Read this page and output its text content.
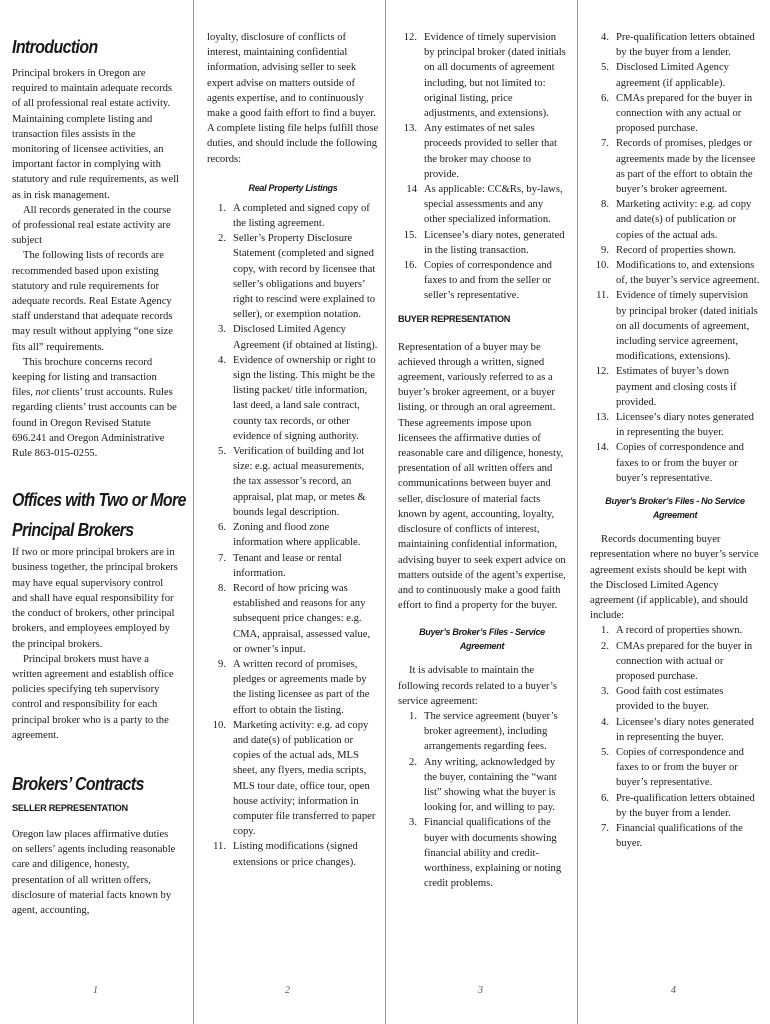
Introduction

Principal brokers in Oregon are required to maintain adequate records of all professional real estate activity. Maintaining complete listing and transaction files assists in the monitoring of licensee activities, an important factor in complying with statutory and rule requirements, as well as in risk management.

All records generated in the course of professional real estate activity are subject

The following lists of records are recommended based upon existing statutory and rule requirements for adequate records. Real Estate Agency staff understand that adequate records may result without applying “one size fits all” requirements.

This brochure concerns record keeping for listing and transaction files, not clients’ trust accounts. Rules regarding clients’ trust accounts can be found in Oregon Revised Statute 696.241 and Oregon Administrative Rule 863-015-0255.

Offices with Two or More
Principal Brokers

If two or more principal brokers are in business together, the principal brokers may have equal supervisory control and shall have equal responsibility for the conduct of brokers, other principal brokers, and employees employed by the principal brokers.

Principal brokers must have a written agreement and establish office policies specifying teh supervisory control and responsibility for each principal broker who is a party to the agreement.

Brokers’ Contracts
SELLER REPRESENTATION

Oregon law places affirmative duties on sellers’ agents including reasonable care and diligence, honesty, presentation of all written offers, disclosure of material facts known by agent, accounting,

loyalty, disclosure of conflicts of interest, maintaining confidential information, advising seller to seek expert advise on matters outside of agents expertise, and to continuously make a good faith effort to find a buyer. A complete listing file helps fulfill those duties, and should include the following records:

Real Property Listings
1. A completed and signed copy of the listing agreement.
2. Seller’s Property Disclosure Statement (completed and signed copy, with record by licensee that seller’s obligations and buyers’ right to rescind were explained to seller), or exemption notation.
3. Disclosed Limited Agency Agreement (if obtained at listing).
4. Evidence of ownership or right to sign the listing. This might be the listing packet/ title information, last deed, a land sale contract, county tax records, or other evidence of signing authority.
5. Verification of building and lot size: e.g. actual measurements, the tax assessor’s record, an appraisal, plat map, or metes & bounds legal description.
6. Zoning and flood zone information where applicable.
7. Tenant and lease or rental information.
8. Record of how pricing was established and reasons for any subsequent price changes: e.g. CMA, appraisal, assessed value, or owner’s input.
9. A written record of promises, pledges or agreements made by the listing licensee as part of the effort to obtain the listing.
10. Marketing activity: e.g. ad copy and date(s) of publication or copies of the actual ads, MLS sheet, any flyers, media scripts, MLS tour date, office tour, open house activity; information in computer file transferred to paper copy.
11. Listing modifications (signed extensions or price changes).
12. Evidence of timely supervision by principal broker (dated initials on all documents of agreement including, but not limited to: original listing, price adjustments, and extensions).
13. Any estimates of net sales proceeds provided to seller that the broker may choose to provide.
14 As applicable: CC&Rs, by-laws, special assessments and any other specialized information.
15. Licensee’s diary notes, generated in the listing transaction.
16. Copies of correspondence and faxes to and from the seller or seller’s representative.
BUYER REPRESENTATION

Representation of a buyer may be achieved through a written, signed agreement, variously referred to as a buyer’s broker agreement, or a buyer listing, or through an oral agreement. These agreements impose upon licensees the affirmative duties of reasonable care and diligence, honesty, presentation of all written offers and communications between buyer and seller, disclosure of material facts known by agent, accounting, loyalty, disclosure of conflicts of interest, maintaining confidential information, advising buyer to seek expert advice on matters outside of the agent’s expertise, and to continuously make a good faith effort to find a property for the buyer.

Buyer’s Broker’s Files - Service Agreement

It is advisable to maintain the following records related to a buyer’s service agreement:

1. The service agreement (buyer’s broker agreement), including arrangements regarding fees.
2. Any writing, acknowledged by the buyer, containing the “want list” showing what the buyer is looking for, and willing to pay.
3. Financial qualifications of the buyer with documents showing financial ability and credit-worthiness, explaining or noting credit problems.
4. Pre-qualification letters obtained by the buyer from a lender.
5. Disclosed Limited Agency agreement (if applicable).
6. CMAs prepared for the buyer in connection with any actual or proposed purchase.
7. Records of promises, pledges or agreements made by the licensee as part of the effort to obtain the buyer’s broker agreement.
8. Marketing activity: e.g. ad copy and date(s) of publication or copies of the actual ads.
9. Record of properties shown.
10. Modifications to, and extensions of, the buyer’s service agreement.
11. Evidence of timely supervision by principal broker (dated initials on all documents of agreement, including service agreement, modifications, extensions).
12. Estimates of buyer’s down payment and closing costs if provided.
13. Licensee’s diary notes generated in representing the buyer.
14. Copies of correspondence and faxes to or from the buyer or buyer’s representative.
Buyer’s Broker’s Files - No Service Agreement

Records documenting buyer representation where no buyer’s service agreement exists should be kept with the Disclosed Limited Agency agreement (if applicable), and should include:

1. A record of properties shown.
2. CMAs prepared for the buyer in connection with actual or proposed purchase.
3. Good faith cost estimates provided to the buyer.
4. Licensee’s diary notes generated in representing the buyer.
5. Copies of correspondence and faxes to or from the buyer or buyer’s representative.
6. Pre-qualification letters obtained by the buyer from a lender.
7. Financial qualifications of the buyer.
1	2	3	4
